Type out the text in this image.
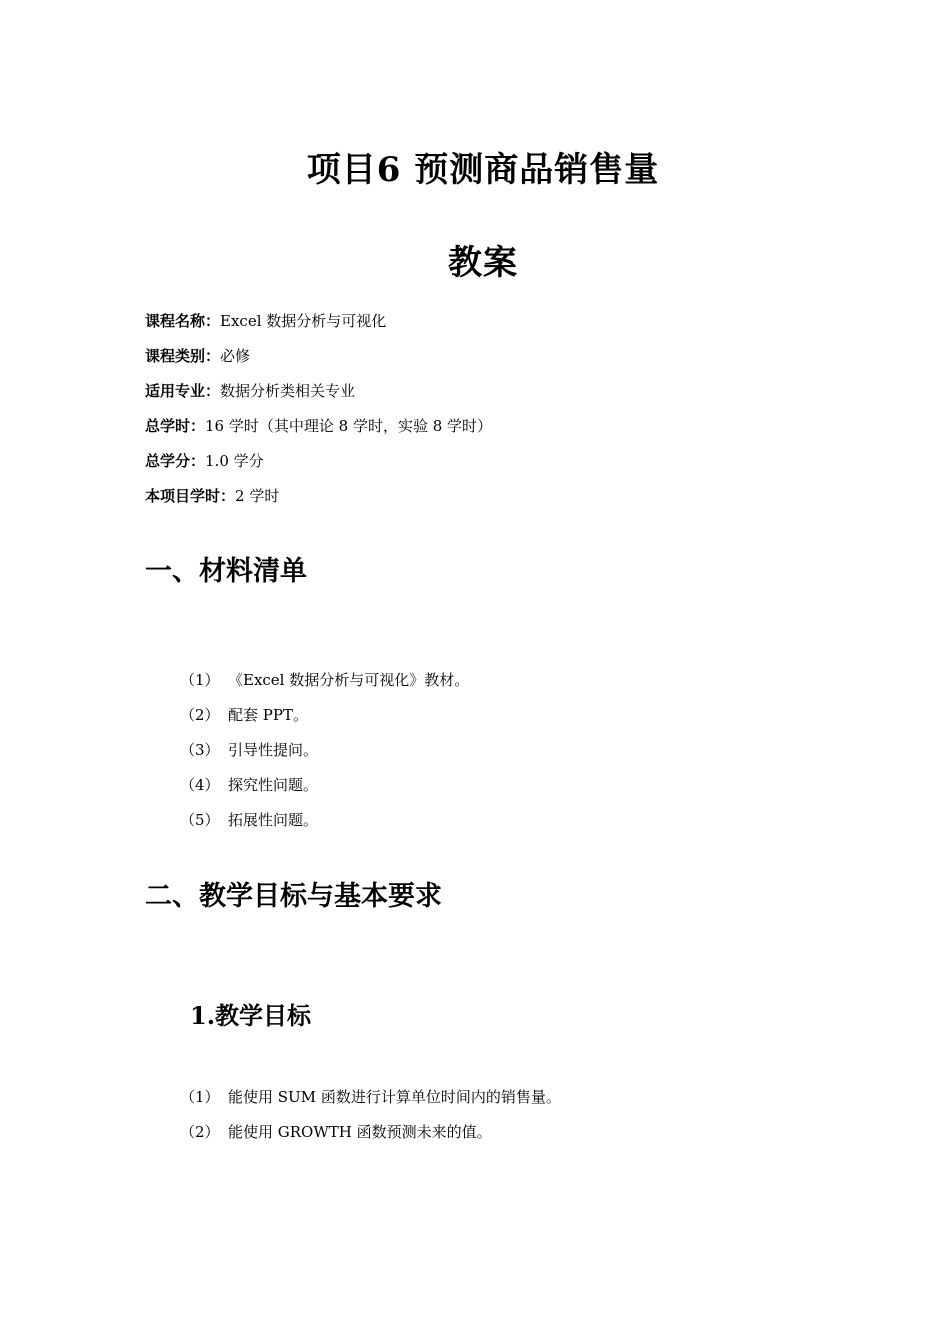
项目6 预测商品销售量
教案
课程名称：Excel 数据分析与可视化
课程类别：必修
适用专业：数据分析类相关专业
总学时：16 学时（其中理论 8 学时，实验 8 学时）
总学分：1.0 学分
本项目学时：2 学时
一、材料清单
（1） 《Excel 数据分析与可视化》教材。
（2） 配套 PPT。
（3） 引导性提问。
（4） 探究性问题。
（5） 拓展性问题。
二、教学目标与基本要求
1.教学目标
（1） 能使用 SUM 函数进行计算单位时间内的销售量。
（2） 能使用 GROWTH 函数预测未来的值。
